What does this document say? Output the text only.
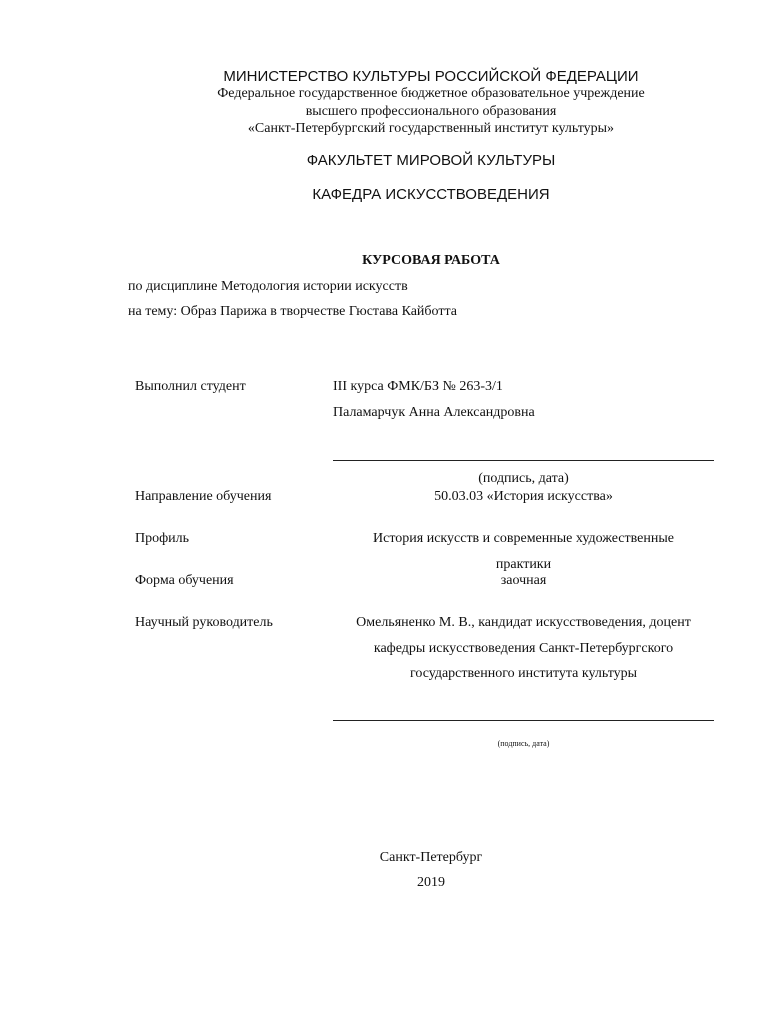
МИНИСТЕРСТВО КУЛЬТУРЫ РОССИЙСКОЙ ФЕДЕРАЦИИ
Федеральное государственное бюджетное образовательное учреждение
высшего профессионального образования
«Санкт-Петербургский государственный институт культуры»
ФАКУЛЬТЕТ МИРОВОЙ КУЛЬТУРЫ
КАФЕДРА ИСКУССТВОВЕДЕНИЯ
КУРСОВАЯ РАБОТА
по дисциплине Методология истории искусств
на тему: Образ Парижа в творчестве Гюстава Кайботта
Выполнил студент	III курса ФМК/БЗ № 263-3/1
Паламарчук Анна Александровна
(подпись, дата)
Направление обучения	50.03.03 «История искусства»
Профиль	История искусств и современные художественные
практики
Форма обучения	заочная
Научный руководитель	Омельяненко М. В., кандидат искусствоведения, доцент
кафедры искусствоведения Санкт-Петербургского
государственного института культуры
(подпись, дата)
Санкт-Петербург
2019
